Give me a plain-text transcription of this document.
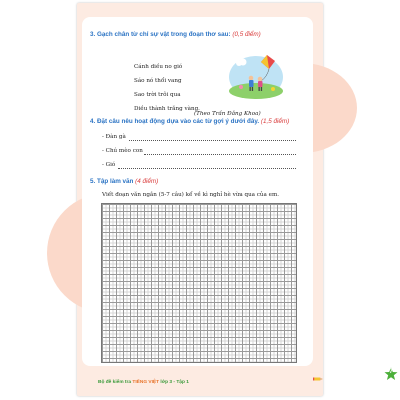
3. Gạch chân từ chỉ sự vật trong đoạn thơ sau: (0,5 điểm)
Cánh diều no gió
Sáo nó thổi vang
Sao trời trôi qua
Diều thành trăng vàng.
(Theo Trần Đăng Khoa)
4. Đặt câu nêu hoạt động dựa vào các từ gợi ý dưới đây. (1,5 điểm)
- Đàn gà
- Chú mèo con
- Gió
5. Tập làm văn (4 điểm)
Viết đoạn văn ngắn (5-7 câu) kể về kì nghỉ hè vừa qua của em.
7
Bộ đề kiểm tra TIẾNG VIỆT lớp 3 - Tập 1
